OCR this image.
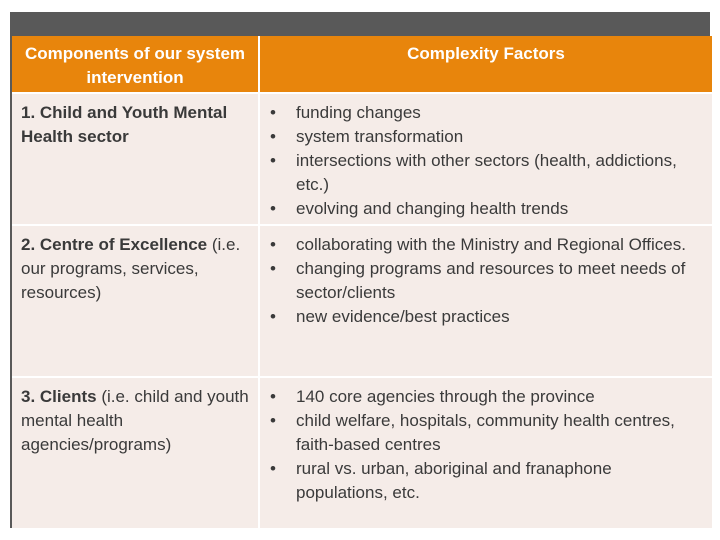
Components of our system intervention
Complexity Factors
1. Child and Youth Mental Health sector
• funding changes
• system transformation
• intersections with other sectors (health, addictions, etc.)
• evolving and changing health trends
2. Centre of Excellence (i.e. our programs, services, resources)
• collaborating with the Ministry and Regional Offices.
• changing programs and resources to meet needs of sector/clients
• new evidence/best practices
3. Clients (i.e. child and youth mental health agencies/programs)
• 140 core agencies through the province
• child welfare, hospitals, community health centres, faith-based centres
• rural vs. urban, aboriginal and franaphone populations, etc.
